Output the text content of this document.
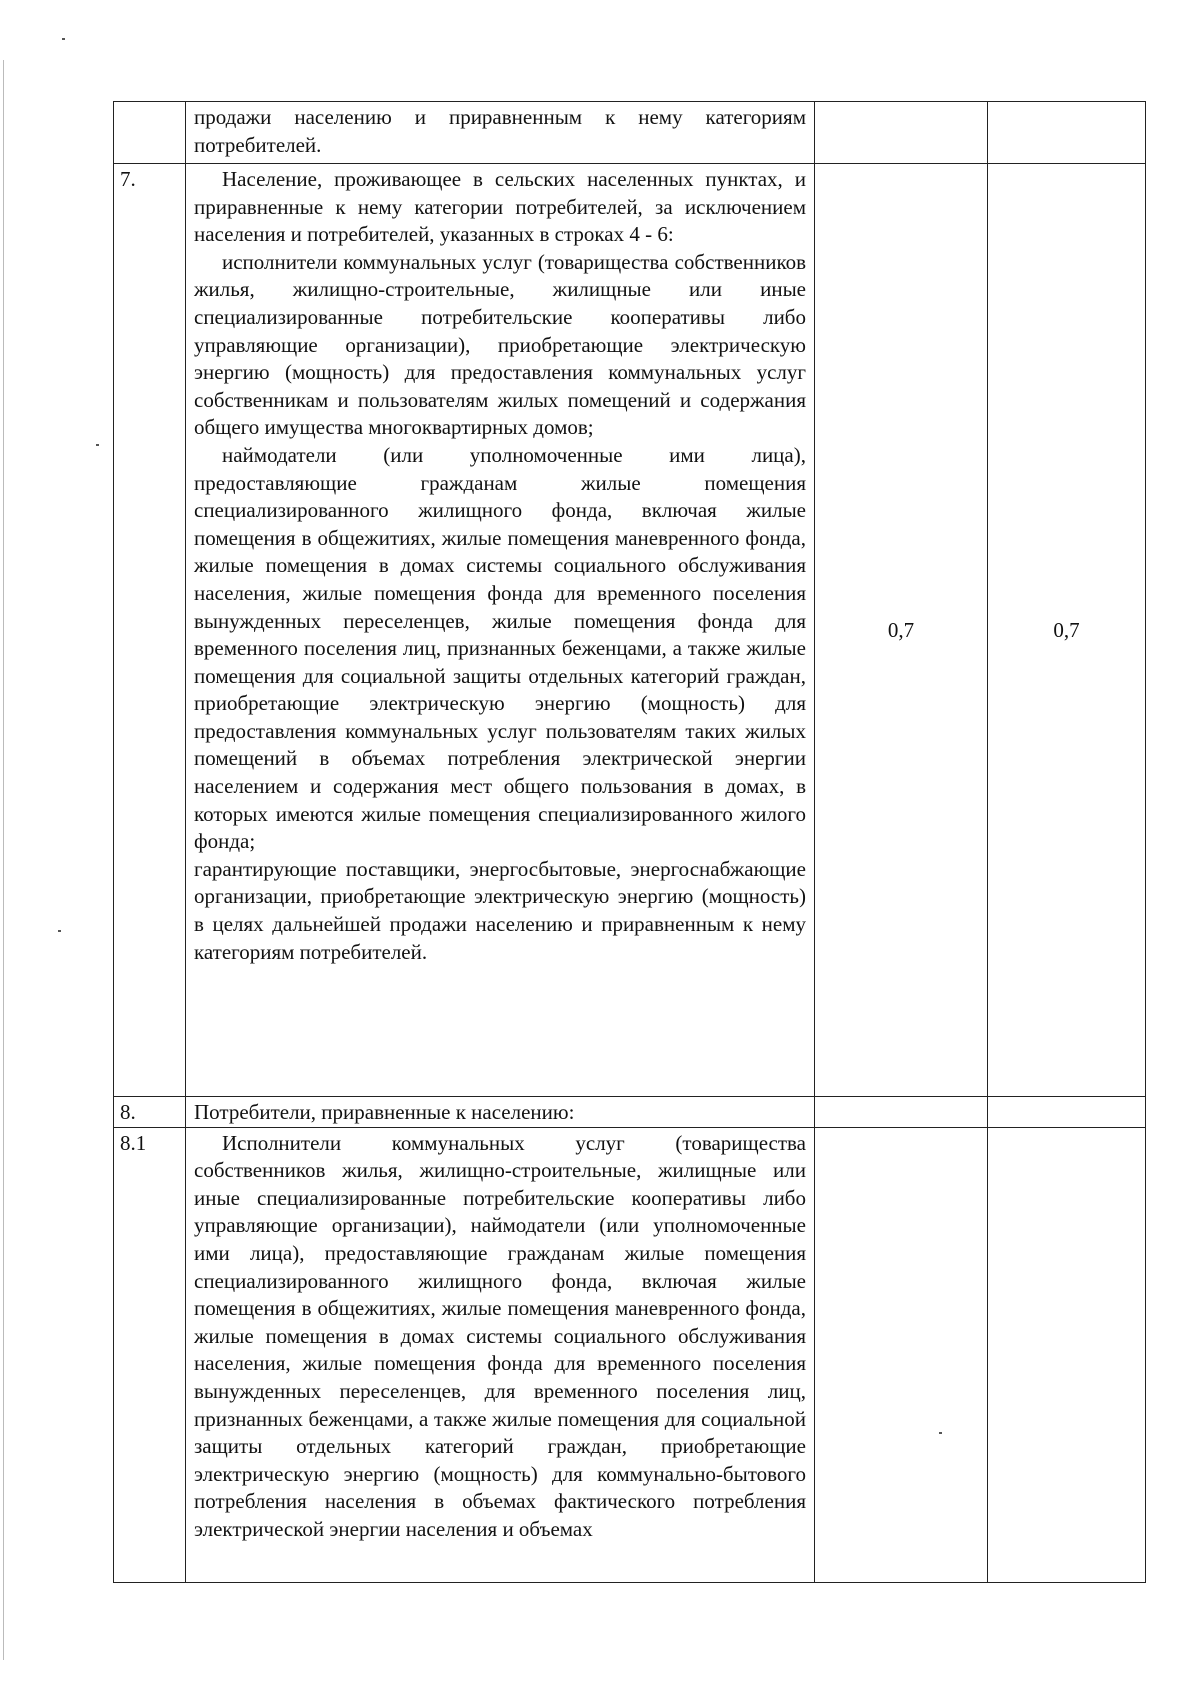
	продажи населению и приравненным к нему категориям потребителей.		

7.	Население, проживающее в сельских населенных пунктах, и приравненные к нему категории потребителей, за исключением населения и потребителей, указанных в строках 4 - 6:

исполнители коммунальных услуг (товарищества собственников жилья, жилищно-строительные, жилищные или иные специализированные потребительские кооперативы либо управляющие организации), приобретающие электрическую энергию (мощность) для предоставления коммунальных услуг собственникам и пользователям жилых помещений и содержания общего имущества многоквартирных домов;

наймодатели (или уполномоченные ими лица), предоставляющие гражданам жилые помещения специализированного жилищного фонда, включая жилые помещения в общежитиях, жилые помещения маневренного фонда, жилые помещения в домах системы социального обслуживания населения, жилые помещения фонда для временного поселения вынужденных переселенцев, жилые помещения фонда для временного поселения лиц, признанных беженцами, а также жилые помещения для социальной защиты отдельных категорий граждан, приобретающие электрическую энергию (мощность) для предоставления коммунальных услуг пользователям таких жилых помещений в объемах потребления электрической энергии населением и содержания мест общего пользования в домах, в которых имеются жилые помещения специализированного жилого фонда;

гарантирующие поставщики, энергосбытовые, энергоснабжающие организации, приобретающие электрическую энергию (мощность) в целях дальнейшей продажи населению и приравненным к нему категориям потребителей.	0,7	0,7
8.	Потребители, приравненные к населению:		

8.1	Исполнители коммунальных услуг (товарищества собственников жилья, жилищно-строительные, жилищные или иные специализированные потребительские кооперативы либо управляющие организации), наймодатели (или уполномоченные ими лица), предоставляющие гражданам жилые помещения специализированного жилищного фонда, включая жилые помещения в общежитиях, жилые помещения маневренного фонда, жилые помещения в домах системы социального обслуживания населения, жилые помещения фонда для временного поселения вынужденных переселенцев, для временного поселения лиц, признанных беженцами, а также жилые помещения для социальной защиты отдельных категорий граждан, приобретающие электрическую энергию (мощность) для коммунально-бытового потребления населения в объемах фактического потребления электрической энергии населения и объемах		
